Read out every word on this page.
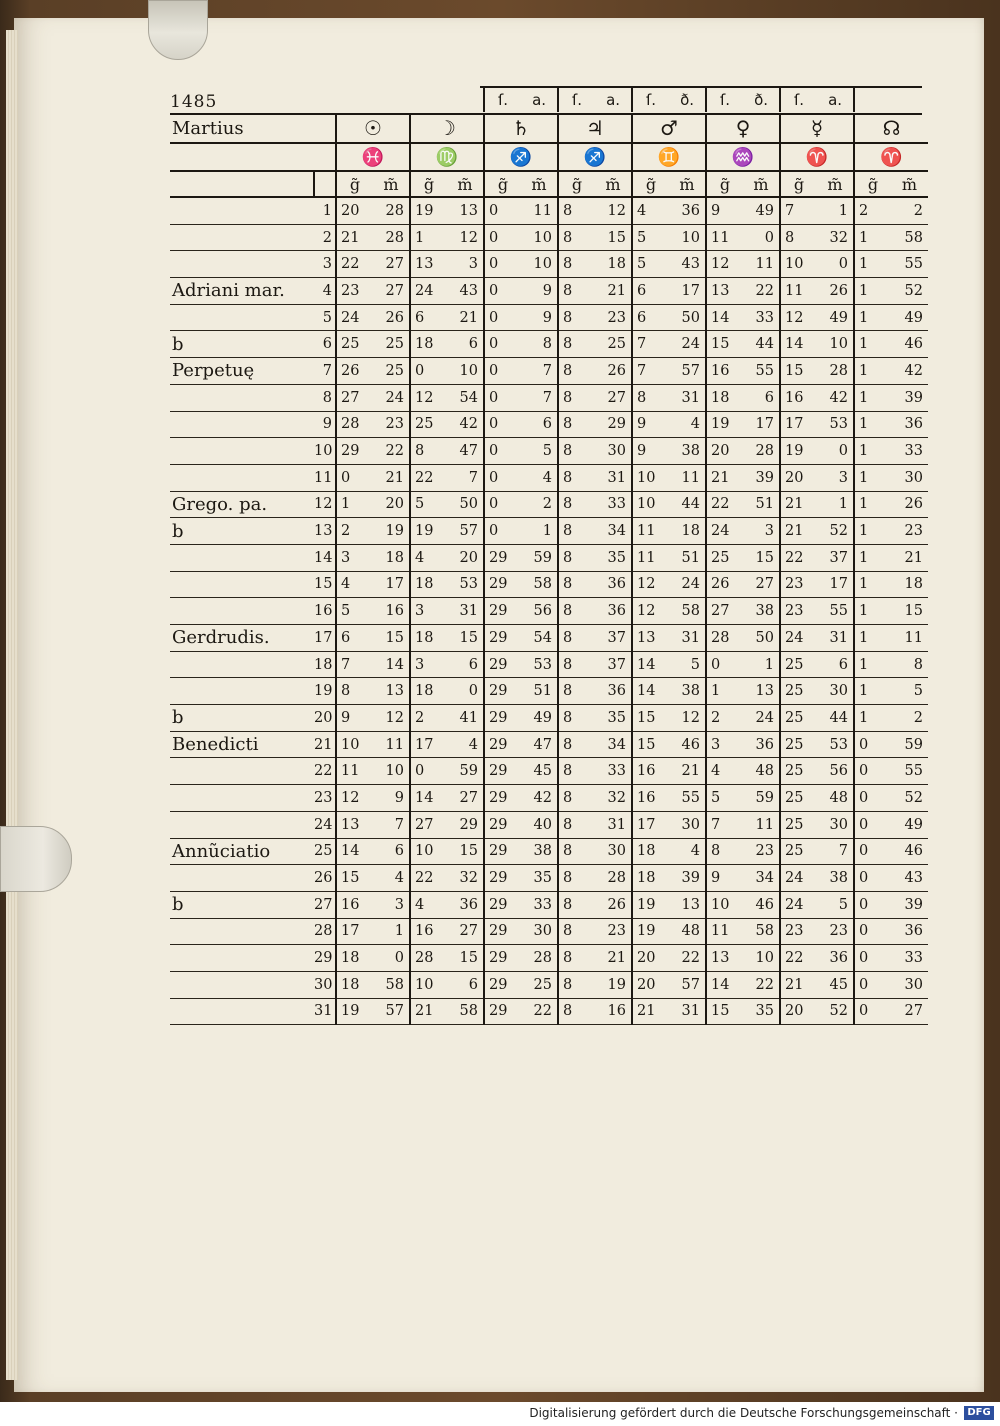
1485
		ſ.	a.	ſ.	a.	ſ.	ð.	ſ.	ð.	ſ.	a.	
Martius		☉	☽	♄	♃	♂	♀	☿	☊
		♓	♍	♐	♐	♊	♒	♈	♈
		g̃	m̃	g̃	m̃	g̃	m̃	g̃	m̃	g̃	m̃	g̃	m̃	g̃	m̃	g̃	m̃
	1	20	28	19	13	0	11	8	12	4	36	9	49	7	1	2	2
	2	21	28	1	12	0	10	8	15	5	10	11	0	8	32	1	58
	3	22	27	13	3	0	10	8	18	5	43	12	11	10	0	1	55
Adriani mar.	4	23	27	24	43	0	9	8	21	6	17	13	22	11	26	1	52
	5	24	26	6	21	0	9	8	23	6	50	14	33	12	49	1	49
b	6	25	25	18	6	0	8	8	25	7	24	15	44	14	10	1	46
Perpetuę	7	26	25	0	10	0	7	8	26	7	57	16	55	15	28	1	42
	8	27	24	12	54	0	7	8	27	8	31	18	6	16	42	1	39
	9	28	23	25	42	0	6	8	29	9	4	19	17	17	53	1	36
	10	29	22	8	47	0	5	8	30	9	38	20	28	19	0	1	33
	11	0	21	22	7	0	4	8	31	10	11	21	39	20	3	1	30
Grego. pa.	12	1	20	5	50	0	2	8	33	10	44	22	51	21	1	1	26
b	13	2	19	19	57	0	1	8	34	11	18	24	3	21	52	1	23
	14	3	18	4	20	29	59	8	35	11	51	25	15	22	37	1	21
	15	4	17	18	53	29	58	8	36	12	24	26	27	23	17	1	18
	16	5	16	3	31	29	56	8	36	12	58	27	38	23	55	1	15
Gerdrudis.	17	6	15	18	15	29	54	8	37	13	31	28	50	24	31	1	11
	18	7	14	3	6	29	53	8	37	14	5	0	1	25	6	1	8
	19	8	13	18	0	29	51	8	36	14	38	1	13	25	30	1	5
b	20	9	12	2	41	29	49	8	35	15	12	2	24	25	44	1	2
Benedicti	21	10	11	17	4	29	47	8	34	15	46	3	36	25	53	0	59
	22	11	10	0	59	29	45	8	33	16	21	4	48	25	56	0	55
	23	12	9	14	27	29	42	8	32	16	55	5	59	25	48	0	52
	24	13	7	27	29	29	40	8	31	17	30	7	11	25	30	0	49
Annũciatio	25	14	6	10	15	29	38	8	30	18	4	8	23	25	7	0	46
	26	15	4	22	32	29	35	8	28	18	39	9	34	24	38	0	43
b	27	16	3	4	36	29	33	8	26	19	13	10	46	24	5	0	39
	28	17	1	16	27	29	30	8	23	19	48	11	58	23	23	0	36
	29	18	0	28	15	29	28	8	21	20	22	13	10	22	36	0	33
	30	18	58	10	6	29	25	8	19	20	57	14	22	21	45	0	30
	31	19	57	21	58	29	22	8	16	21	31	15	35	20	52	0	27
Digitalisierung gefördert durch die Deutsche Forschungsgemeinschaft · DFG
